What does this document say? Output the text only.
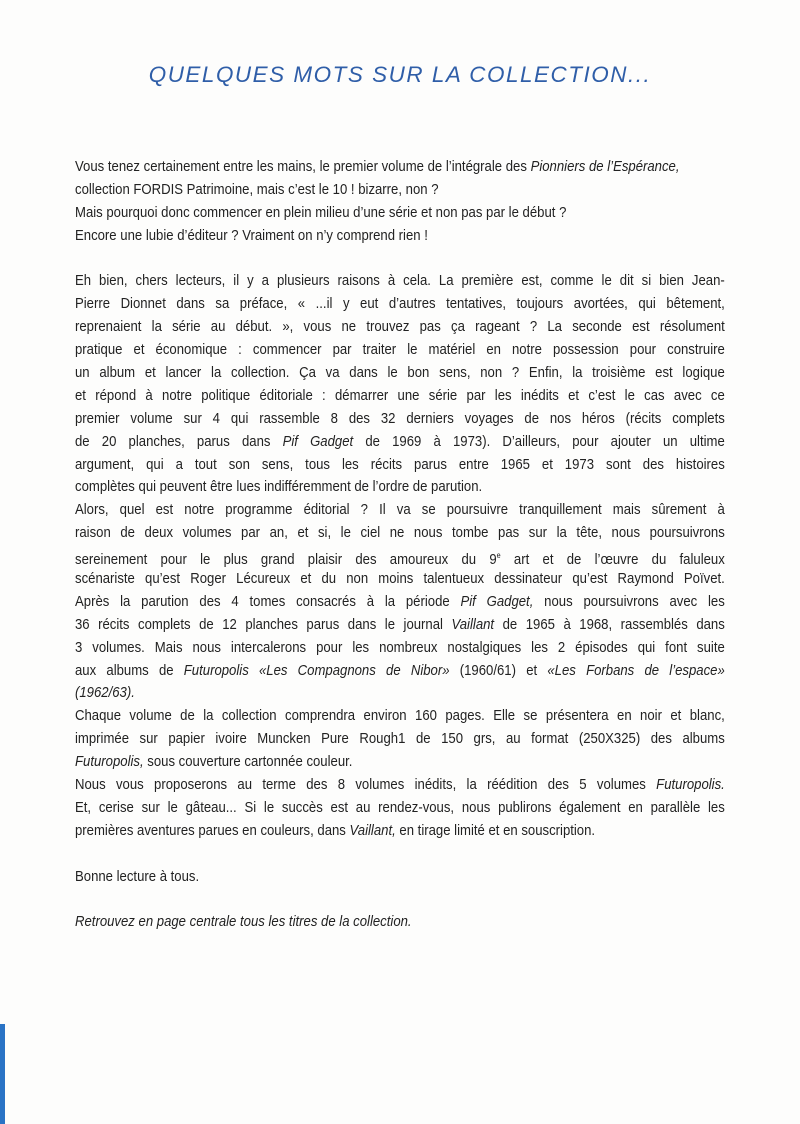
QUELQUES MOTS SUR LA COLLECTION...
Vous tenez certainement entre les mains, le premier volume de l’intégrale des Pionniers de l’Espérance,
collection FORDIS Patrimoine, mais c’est le 10 ! bizarre, non ?
Mais pourquoi donc commencer en plein milieu d’une série et non pas par le début ?
Encore une lubie d’éditeur ? Vraiment on n’y comprend rien !
Eh bien, chers lecteurs, il y a plusieurs raisons à cela. La première est, comme le dit si bien Jean-
Pierre Dionnet dans sa préface, « ...il y eut d’autres tentatives, toujours avortées, qui bêtement,
reprenaient la série au début. », vous ne trouvez pas ça rageant ? La seconde est résolument
pratique et économique : commencer par traiter le matériel en notre possession pour construire
un album et lancer la collection. Ça va dans le bon sens, non ? Enfin, la troisième est logique
et répond à notre politique éditoriale : démarrer une série par les inédits et c’est le cas avec ce
premier volume sur 4 qui rassemble 8 des 32 derniers voyages de nos héros (récits complets
de 20 planches, parus dans Pif Gadget de 1969 à 1973). D’ailleurs, pour ajouter un ultime
argument, qui a tout son sens, tous les récits parus entre 1965 et 1973 sont des histoires
complètes qui peuvent être lues indifféremment de l’ordre de parution.
Alors, quel est notre programme éditorial ? Il va se poursuivre tranquillement mais sûrement à
raison de deux volumes par an, et si, le ciel ne nous tombe pas sur la tête, nous poursuivrons
sereinement pour le plus grand plaisir des amoureux du 9e art et de l’œuvre du faluleux
scénariste qu’est Roger Lécureux et du non moins talentueux dessinateur qu’est Raymond Poïvet.
Après la parution des 4 tomes consacrés à la période Pif Gadget, nous poursuivrons avec les
36 récits complets de 12 planches parus dans le journal Vaillant de 1965 à 1968, rassemblés dans
3 volumes. Mais nous intercalerons pour les nombreux nostalgiques les 2 épisodes qui font suite
aux albums de Futuropolis «Les Compagnons de Nibor» (1960/61) et «Les Forbans de l’espace»
(1962/63).
Chaque volume de la collection comprendra environ 160 pages. Elle se présentera en noir et blanc,
imprimée sur papier ivoire Muncken Pure Rough1 de 150 grs, au format (250X325) des albums
Futuropolis, sous couverture cartonnée couleur.
Nous vous proposerons au terme des 8 volumes inédits, la réédition des 5 volumes Futuropolis.
Et, cerise sur le gâteau... Si le succès est au rendez-vous, nous publirons également en parallèle les
premières aventures parues en couleurs, dans Vaillant, en tirage limité et en souscription.
Bonne lecture à tous.
Retrouvez en page centrale tous les titres de la collection.
